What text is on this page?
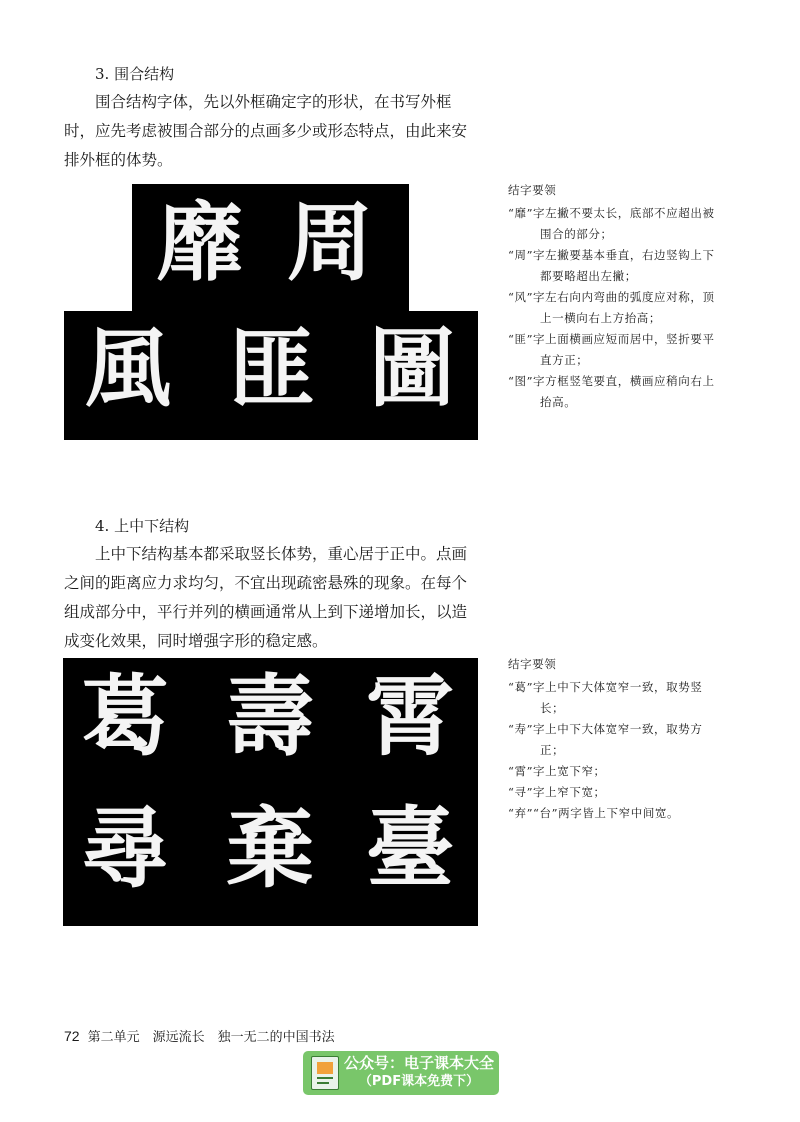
3. 围合结构
围合结构字体，先以外框确定字的形状，在书写外框
时，应先考虑被围合部分的点画多少或形态特点，由此来安
排外框的体势。
靡 周
風 匪 圖
结字要领
“靡”字左撇不要太长，底部不应超出被围合的部分；
“周”字左撇要基本垂直，右边竖钩上下都要略超出左撇；
“风”字左右向内弯曲的弧度应对称，顶上一横向右上方抬高；
“匪”字上面横画应短而居中，竖折要平直方正；
“图”字方框竖笔要直，横画应稍向右上抬高。
4. 上中下结构
上中下结构基本都采取竖长体势，重心居于正中。点画
之间的距离应力求均匀，不宜出现疏密悬殊的现象。在每个
组成部分中，平行并列的横画通常从上到下递增加长，以造
成变化效果，同时增强字形的稳定感。
葛 壽 霄
尋 棄 臺
结字要领
“葛”字上中下大体宽窄一致，取势竖长；
“寿”字上中下大体宽窄一致，取势方正；
“霄”字上宽下窄；
“寻”字上窄下宽；
“弃”“台”两字皆上下窄中间宽。
72 第二单元　源远流长　独一无二的中国书法
公众号：电子课本大全
（PDF课本免费下）
